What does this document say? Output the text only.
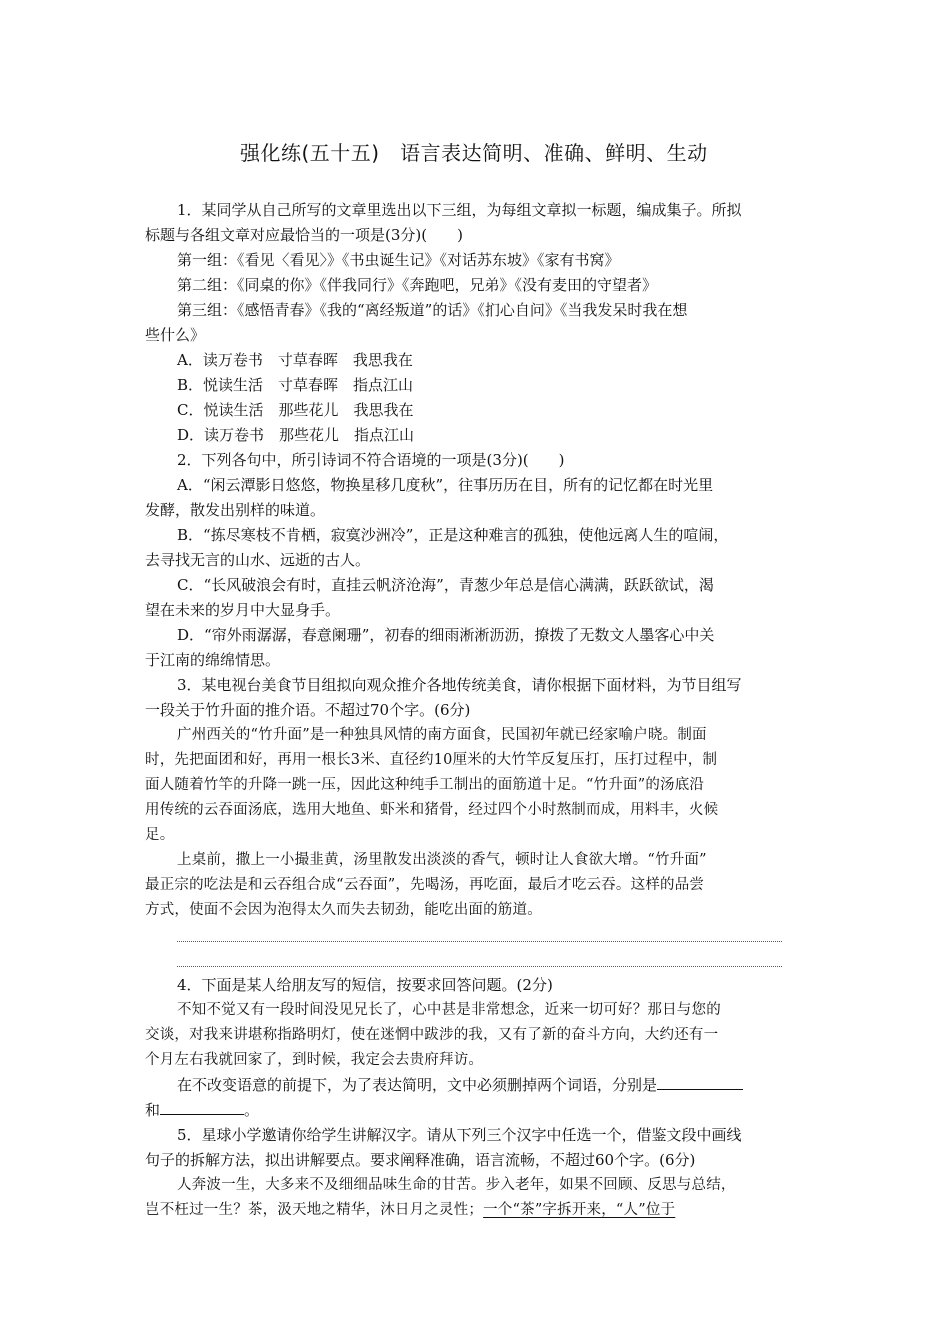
强化练(五十五)　语言表达简明、准确、鲜明、生动
1．某同学从自己所写的文章里选出以下三组，为每组文章拟一标题，编成集子。所拟
标题与各组文章对应最恰当的一项是(3分)(　　)
第一组：《看见〈看见〉》《书虫诞生记》《对话苏东坡》《家有书窝》
第二组：《同桌的你》《伴我同行》《奔跑吧，兄弟》《没有麦田的守望者》
第三组：《感悟青春》《我的“离经叛道”的话》《扪心自问》《当我发呆时我在想
些什么》
A．读万卷书　寸草春晖　我思我在
B．悦读生活　寸草春晖　指点江山
C．悦读生活　那些花儿　我思我在
D．读万卷书　那些花儿　指点江山
2．下列各句中，所引诗词不符合语境的一项是(3分)(　　)
A．“闲云潭影日悠悠，物换星移几度秋”，往事历历在目，所有的记忆都在时光里
发酵，散发出别样的味道。
B．“拣尽寒枝不肯栖，寂寞沙洲冷”，正是这种难言的孤独，使他远离人生的喧闹，
去寻找无言的山水、远逝的古人。
C．“长风破浪会有时，直挂云帆济沧海”，青葱少年总是信心满满，跃跃欲试，渴
望在未来的岁月中大显身手。
D．“帘外雨潺潺，春意阑珊”，初春的细雨淅淅沥沥，撩拨了无数文人墨客心中关
于江南的绵绵情思。
3．某电视台美食节目组拟向观众推介各地传统美食，请你根据下面材料，为节目组写
一段关于竹升面的推介语。不超过70个字。(6分)
广州西关的“竹升面”是一种独具风情的南方面食，民国初年就已经家喻户晓。制面
时，先把面团和好，再用一根长3米、直径约10厘米的大竹竿反复压打，压打过程中，制
面人随着竹竿的升降一跳一压，因此这种纯手工制出的面筋道十足。“竹升面”的汤底沿
用传统的云吞面汤底，选用大地鱼、虾米和猪骨，经过四个小时熬制而成，用料丰，火候
足。
上桌前，撒上一小撮韭黄，汤里散发出淡淡的香气，顿时让人食欲大增。“竹升面”
最正宗的吃法是和云吞组合成“云吞面”，先喝汤，再吃面，最后才吃云吞。这样的品尝
方式，使面不会因为泡得太久而失去韧劲，能吃出面的筋道。
4．下面是某人给朋友写的短信，按要求回答问题。(2分)
不知不觉又有一段时间没见兄长了，心中甚是非常想念，近来一切可好？那日与您的
交谈，对我来讲堪称指路明灯，使在迷惘中跋涉的我，又有了新的奋斗方向，大约还有一
个月左右我就回家了，到时候，我定会去贵府拜访。
在不改变语意的前提下，为了表达简明，文中必须删掉两个词语，分别是
和	。
5．星球小学邀请你给学生讲解汉字。请从下列三个汉字中任选一个，借鉴文段中画线
句子的拆解方法，拟出讲解要点。要求阐释准确，语言流畅，不超过60个字。(6分)
人奔波一生，大多来不及细细品味生命的甘苦。步入老年，如果不回顾、反思与总结，
岂不枉过一生？茶，汲天地之精华，沐日月之灵性；一个“茶”字拆开来，“人”位于
